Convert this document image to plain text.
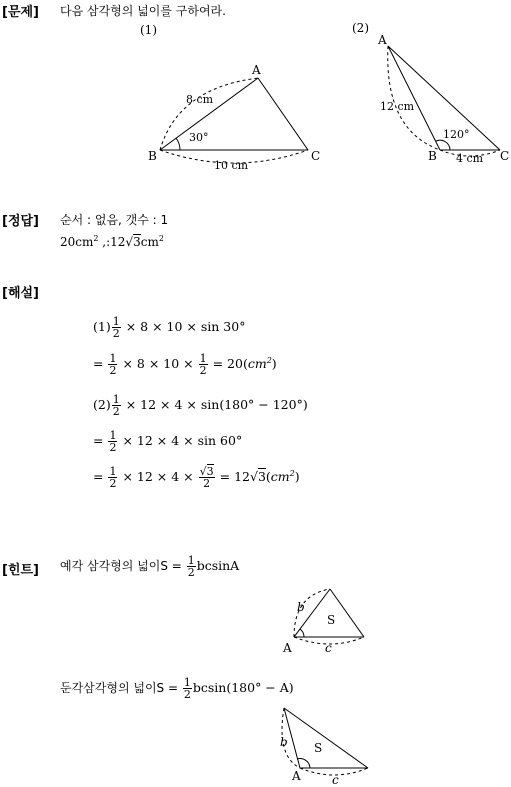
[문제] 다음 삼각형의 넓이를 구하여라.
(1)
A
B	C
8 cm
30°
10 cm
(2)
A
B	C
12 cm
120°
4 cm
[정답] 순서 : 없음, 갯수 : 1
$20cm^2$ $,:12√3cm^2$
[해설]
$(1) \frac{1}{2} \times 8 \times 10 \times \sin 30^\circ$
= $\frac{1}{2} \times 8 \times 10 \times \frac{1}{2} = 20(cm^2)$
$(2) \frac{1}{2} \times 12 \times 4 \times \sin(180^\circ - 120^\circ)$
= $\frac{1}{2} \times 12 \times 4 \times \sin 60^\circ$
= $\frac{1}{2} \times 12 \times 4 \times \frac{√3}{2} = 12√3(cm^2)$
[힌트] 예각 삼각형의 넓이$S = \frac{1}{2}$ bcsinA
A
b
c
S
둔각삼각형의 넓이$S = \frac{1}{2} bcsin(180^\circ - A)$
A
b
c
S
